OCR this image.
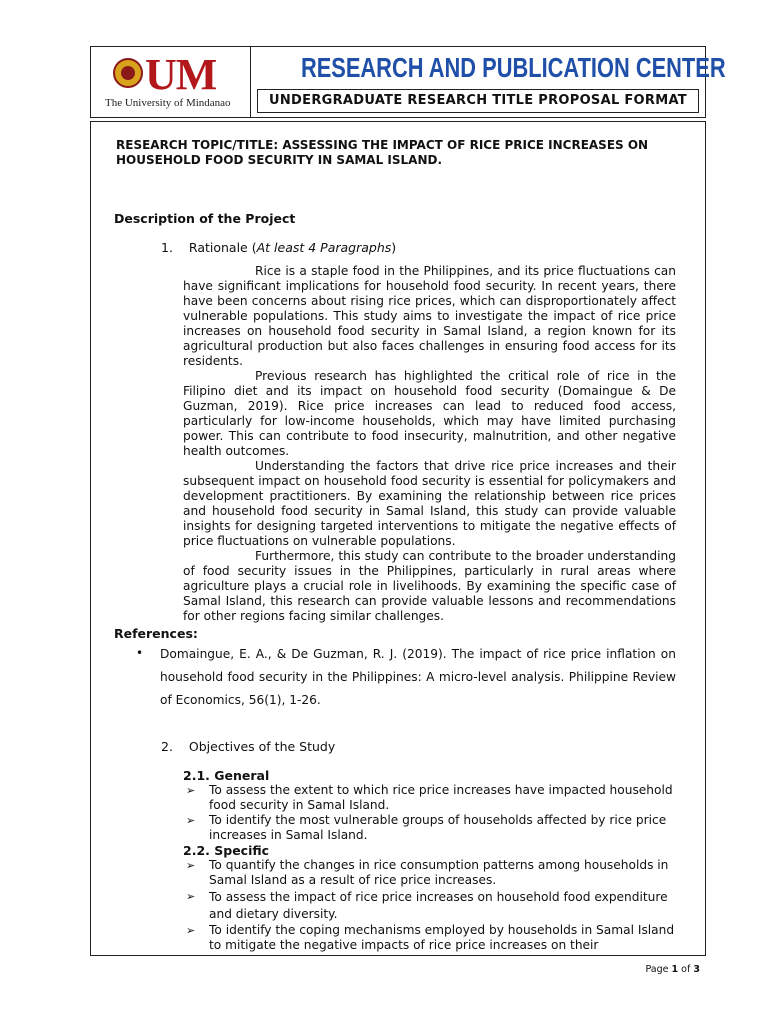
UM
The University of Mindanao
RESEARCH AND PUBLICATION CENTER
UNDERGRADUATE RESEARCH TITLE PROPOSAL FORMAT
RESEARCH TOPIC/TITLE: ASSESSING THE IMPACT OF RICE PRICE INCREASES ON
HOUSEHOLD FOOD SECURITY IN SAMAL ISLAND.
Description of the Project
1. Rationale (At least 4 Paragraphs)
Rice is a staple food in the Philippines, and its price fluctuations can have significant implications for household food security. In recent years, there have been concerns about rising rice prices, which can disproportionately affect vulnerable populations. This study aims to investigate the impact of rice price increases on household food security in Samal Island, a region known for its agricultural production but also faces challenges in ensuring food access for its residents.
Previous research has highlighted the critical role of rice in the Filipino diet and its impact on household food security (Domaingue & De Guzman, 2019). Rice price increases can lead to reduced food access, particularly for low-income households, which may have limited purchasing power. This can contribute to food insecurity, malnutrition, and other negative health outcomes.
Understanding the factors that drive rice price increases and their subsequent impact on household food security is essential for policymakers and development practitioners. By examining the relationship between rice prices and household food security in Samal Island, this study can provide valuable insights for designing targeted interventions to mitigate the negative effects of price fluctuations on vulnerable populations.
Furthermore, this study can contribute to the broader understanding of food security issues in the Philippines, particularly in rural areas where agriculture plays a crucial role in livelihoods. By examining the specific case of Samal Island, this research can provide valuable lessons and recommendations for other regions facing similar challenges.
References:
• Domaingue, E. A., & De Guzman, R. J. (2019). The impact of rice price inflation on household food security in the Philippines: A micro-level analysis. Philippine Review of Economics, 56(1), 1-26.
2. Objectives of the Study
2.1. General
➢ To assess the extent to which rice price increases have impacted household food security in Samal Island.
➢ To identify the most vulnerable groups of households affected by rice price increases in Samal Island.
2.2. Specific
➢ To quantify the changes in rice consumption patterns among households in Samal Island as a result of rice price increases.
➢ To assess the impact of rice price increases on household food expenditure and dietary diversity.
➢ To identify the coping mechanisms employed by households in Samal Island to mitigate the negative impacts of rice price increases on their
Page 1 of 3
